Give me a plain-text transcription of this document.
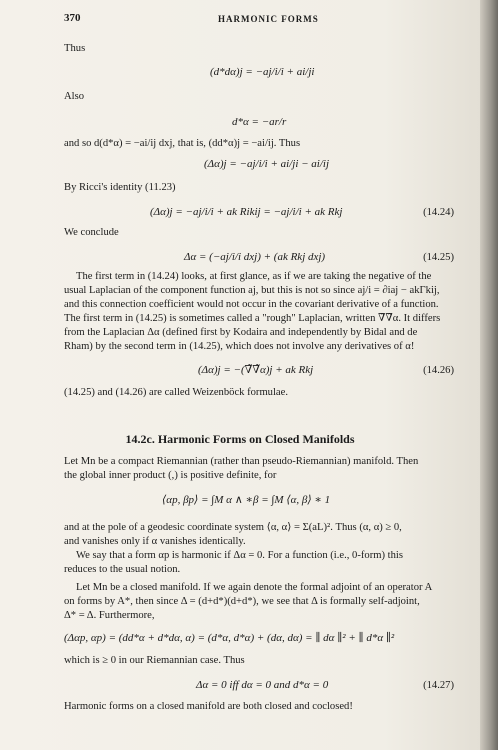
370	HARMONIC FORMS
Thus
(d*dα)j = −aj/i/i + ai/ji
Also
d*α = −ar/r
and so d(d*α) = −ai/ij dxj, that is, (dd*α)j = −ai/ij. Thus
(Δα)j = −aj/i/i + ai/ji − ai/ij
By Ricci's identity (11.23)
(Δα)j = −aj/i/i + ak Rikij = −aj/i/i + ak Rkj	(14.24)
We conclude
Δα = (−aj/i/i dxj) + (ak Rkj dxj)	(14.25)
The first term in (14.24) looks, at first glance, as if we are taking the negative of the
usual Laplacian of the component function aj, but this is not so since aj/i = ∂iaj − akΓkij,
and this connection coefficient would not occur in the covariant derivative of a function.
The first term in (14.25) is sometimes called a "rough" Laplacian, written ∇̃∇̃α. It differs
from the Laplacian Δα (defined first by Kodaira and independently by Bidal and de
Rham) by the second term in (14.25), which does not involve any derivatives of α!
(Δα)j = −(∇̃∇̃α)j + ak Rkj	(14.26)
(14.25) and (14.26) are called Weizenböck formulae.
14.2c. Harmonic Forms on Closed Manifolds
Let Mn be a compact Riemannian (rather than pseudo-Riemannian) manifold. Then
the global inner product (,) is positive definite, for
⟨αp, βp⟩ = ∫M α ∧ ∗β = ∫M ⟨α, β⟩ ∗ 1
and at the pole of a geodesic coordinate system ⟨α, α⟩ = Σ(aL)². Thus (α, α) ≥ 0,
and vanishes only if α vanishes identically.
We say that a form αp is harmonic if Δα = 0. For a function (i.e., 0-form) this
reduces to the usual notion.
Let Mn be a closed manifold. If we again denote the formal adjoint of an operator A
on forms by A*, then since Δ = (d+d*)(d+d*), we see that Δ is formally self-adjoint,
Δ* = Δ. Furthermore,
(Δαp, αp) = (dd*α + d*dα, α) = (d*α, d*α) + (dα, dα) = ∥ dα ∥² + ∥ d*α ∥²
which is ≥ 0 in our Riemannian case. Thus
Δα = 0 iff dα = 0 and d*α = 0	(14.27)
Harmonic forms on a closed manifold are both closed and coclosed!
